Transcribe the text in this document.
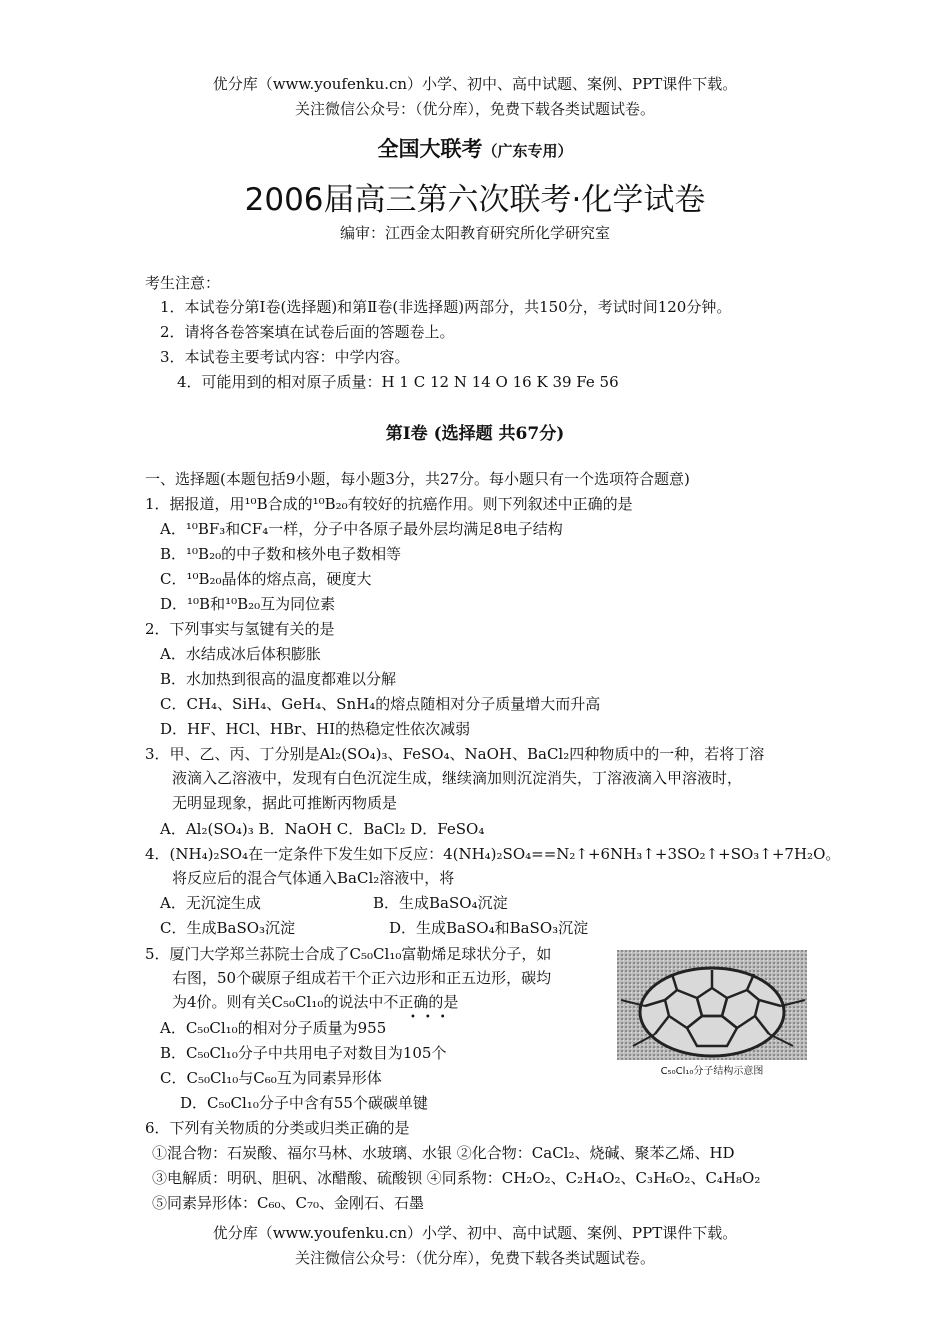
优分库（www.youfenku.cn）小学、初中、高中试题、案例、PPT课件下载。
关注微信公众号：（优分库），免费下载各类试题试卷。
全国大联考（广东专用）
2006届高三第六次联考·化学试卷
编审：江西金太阳教育研究所化学研究室
考生注意：
1．本试卷分第Ⅰ卷(选择题)和第Ⅱ卷(非选择题)两部分，共150分，考试时间120分钟。
2．请将各卷答案填在试卷后面的答题卷上。
3．本试卷主要考试内容：中学内容。
4．可能用到的相对原子质量：H 1 C 12 N 14 O 16 K 39 Fe 56
第Ⅰ卷 (选择题 共67分)
一、选择题(本题包括9小题，每小题3分，共27分。每小题只有一个选项符合题意)
1．据报道，用¹⁰B合成的¹⁰B₂₀有较好的抗癌作用。则下列叙述中正确的是
A．¹⁰BF₃和CF₄一样，分子中各原子最外层均满足8电子结构
B．¹⁰B₂₀的中子数和核外电子数相等
C．¹⁰B₂₀晶体的熔点高，硬度大
D．¹⁰B和¹⁰B₂₀互为同位素
2．下列事实与氢键有关的是
A．水结成冰后体积膨胀
B．水加热到很高的温度都难以分解
C．CH₄、SiH₄、GeH₄、SnH₄的熔点随相对分子质量增大而升高
D．HF、HCl、HBr、HI的热稳定性依次减弱
3．甲、乙、丙、丁分别是Al₂(SO₄)₃、FeSO₄、NaOH、BaCl₂四种物质中的一种，若将丁溶
液滴入乙溶液中，发现有白色沉淀生成，继续滴加则沉淀消失，丁溶液滴入甲溶液时，
无明显现象，据此可推断丙物质是
A．Al₂(SO₄)₃ B．NaOH C．BaCl₂ D．FeSO₄
4．(NH₄)₂SO₄在一定条件下发生如下反应：4(NH₄)₂SO₄==N₂↑+6NH₃↑+3SO₂↑+SO₃↑+7H₂O。
将反应后的混合气体通入BaCl₂溶液中，将
A．无沉淀生成	B．生成BaSO₄沉淀
C．生成BaSO₃沉淀	D．生成BaSO₄和BaSO₃沉淀
5．厦门大学郑兰荪院士合成了C₅₀Cl₁₀富勒烯足球状分子，如
右图，50个碳原子组成若干个正六边形和正五边形，碳均
为4价。则有关C₅₀Cl₁₀的说法中不正确的是
•••
A．C₅₀Cl₁₀的相对分子质量为955
B．C₅₀Cl₁₀分子中共用电子对数目为105个
C．C₅₀Cl₁₀与C₆₀互为同素异形体
D．C₅₀Cl₁₀分子中含有55个碳碳单键
C₅₀Cl₁₀分子结构示意图
6．下列有关物质的分类或归类正确的是
①混合物：石炭酸、福尔马林、水玻璃、水银 ②化合物：CaCl₂、烧碱、聚苯乙烯、HD
③电解质：明矾、胆矾、冰醋酸、硫酸钡 ④同系物：CH₂O₂、C₂H₄O₂、C₃H₆O₂、C₄H₈O₂
⑤同素异形体：C₆₀、C₇₀、金刚石、石墨
优分库（www.youfenku.cn）小学、初中、高中试题、案例、PPT课件下载。
关注微信公众号：（优分库），免费下载各类试题试卷。
